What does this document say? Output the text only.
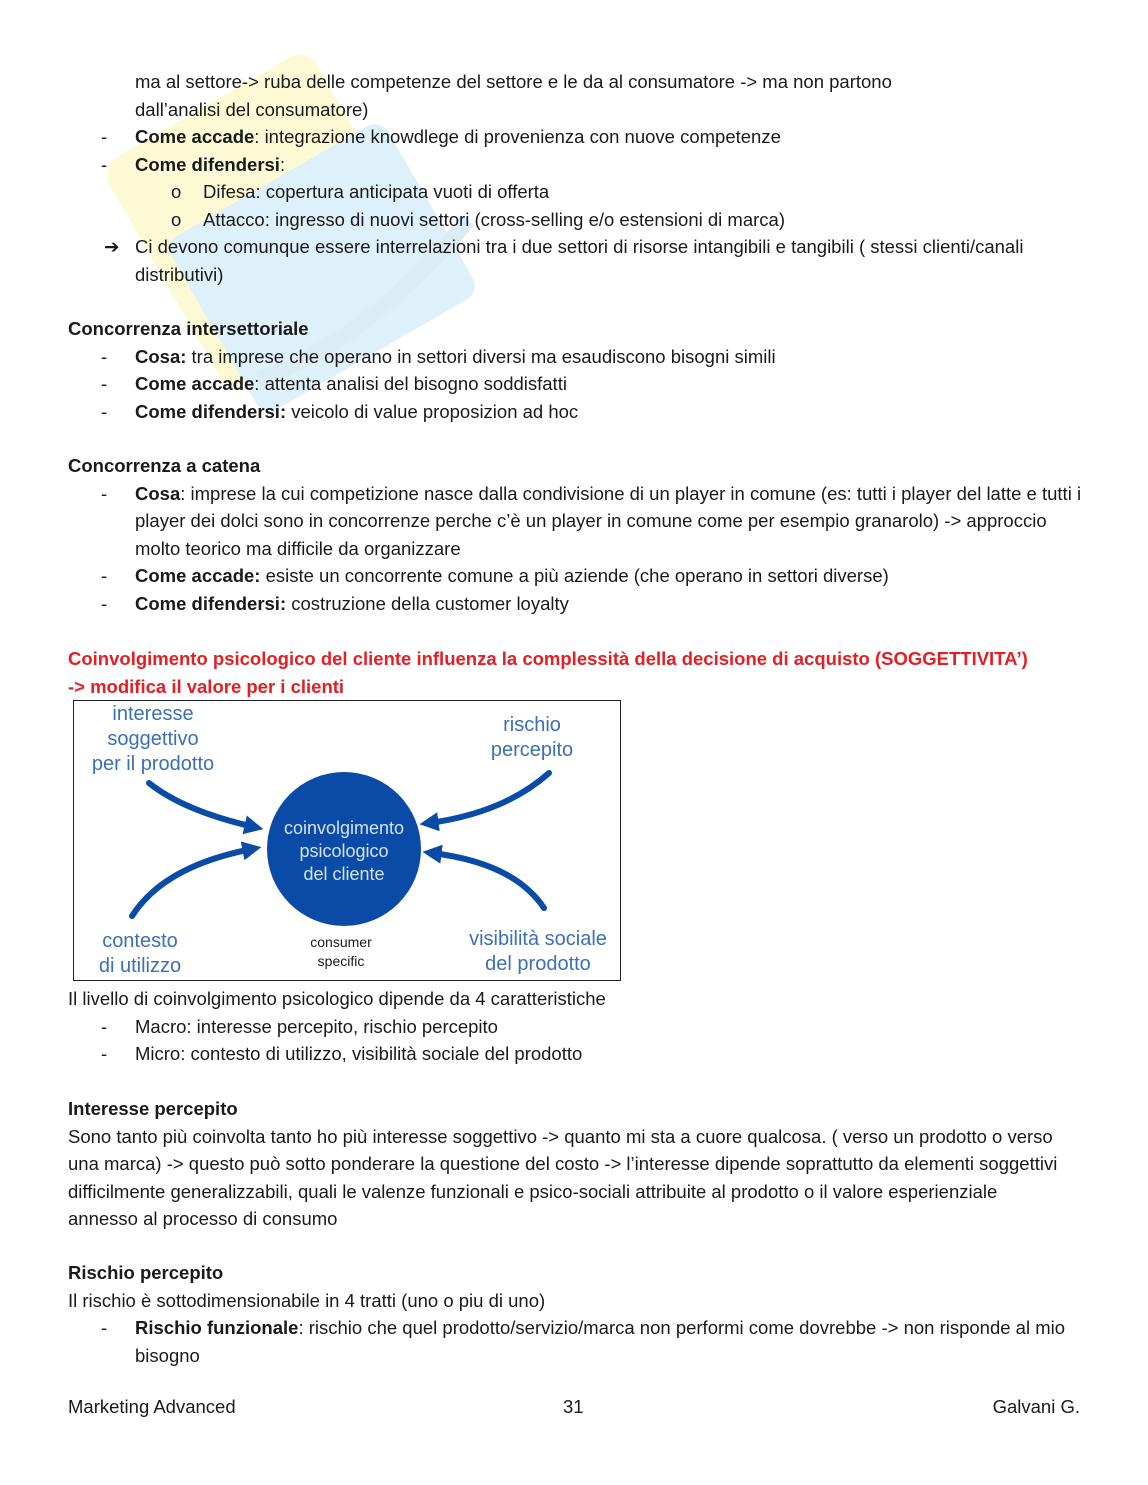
ma al settore-> ruba delle competenze del settore e le da al consumatore -> ma non partono

dall’analisi del consumatore)

- Come accade: integrazione knowdlege di provenienza con nuove competenze
- Come difendersi:
o Difesa: copertura anticipata vuoti di offerta
o Attacco: ingresso di nuovi settori (cross-selling e/o estensioni di marca)
➔ Ci devono comunque essere interrelazioni tra i due settori di risorse intangibili e tangibili ( stessi clienti/canali distributivi)

Concorrenza intersettoriale

- Cosa: tra imprese che operano in settori diversi ma esaudiscono bisogni simili
- Come accade: attenta analisi del bisogno soddisfatti
- Come difendersi: veicolo di value proposizion ad hoc

Concorrenza a catena

- Cosa: imprese la cui competizione nasce dalla condivisione di un player in comune (es: tutti i player del latte e tutti i player dei dolci sono in concorrenze perche c’è un player in comune come per esempio granarolo) -> approccio molto teorico ma difficile da organizzare
- Come accade: esiste un concorrente comune a più aziende (che operano in settori diverse)
- Come difendersi: costruzione della customer loyalty

Coinvolgimento psicologico del cliente influenza la complessità della decisione di acquisto (SOGGETTIVITA’)

-> modifica il valore per i clienti

coinvolgimento
psicologico
del cliente
interesse
soggettivo
per il prodotto
rischio
percepito
contesto
di utilizzo
visibilità sociale
del prodotto
consumer
specific

Il livello di coinvolgimento psicologico dipende da 4 caratteristiche

- Macro: interesse percepito, rischio percepito
- Micro: contesto di utilizzo, visibilità sociale del prodotto

Interesse percepito

Sono tanto più coinvolta tanto ho più interesse soggettivo -> quanto mi sta a cuore qualcosa. ( verso un prodotto o verso una marca) -> questo può sotto ponderare la questione del costo -> l’interesse dipende soprattutto da elementi soggettivi difficilmente generalizzabili, quali le valenze funzionali e psico-sociali attribuite al prodotto o il valore esperienziale annesso al processo di consumo

Rischio percepito

Il rischio è sottodimensionabile in 4 tratti (uno o piu di uno)

- Rischio funzionale: rischio che quel prodotto/servizio/marca non performi come dovrebbe -> non risponde al mio bisogno
Marketing Advanced	31	Galvani G.
